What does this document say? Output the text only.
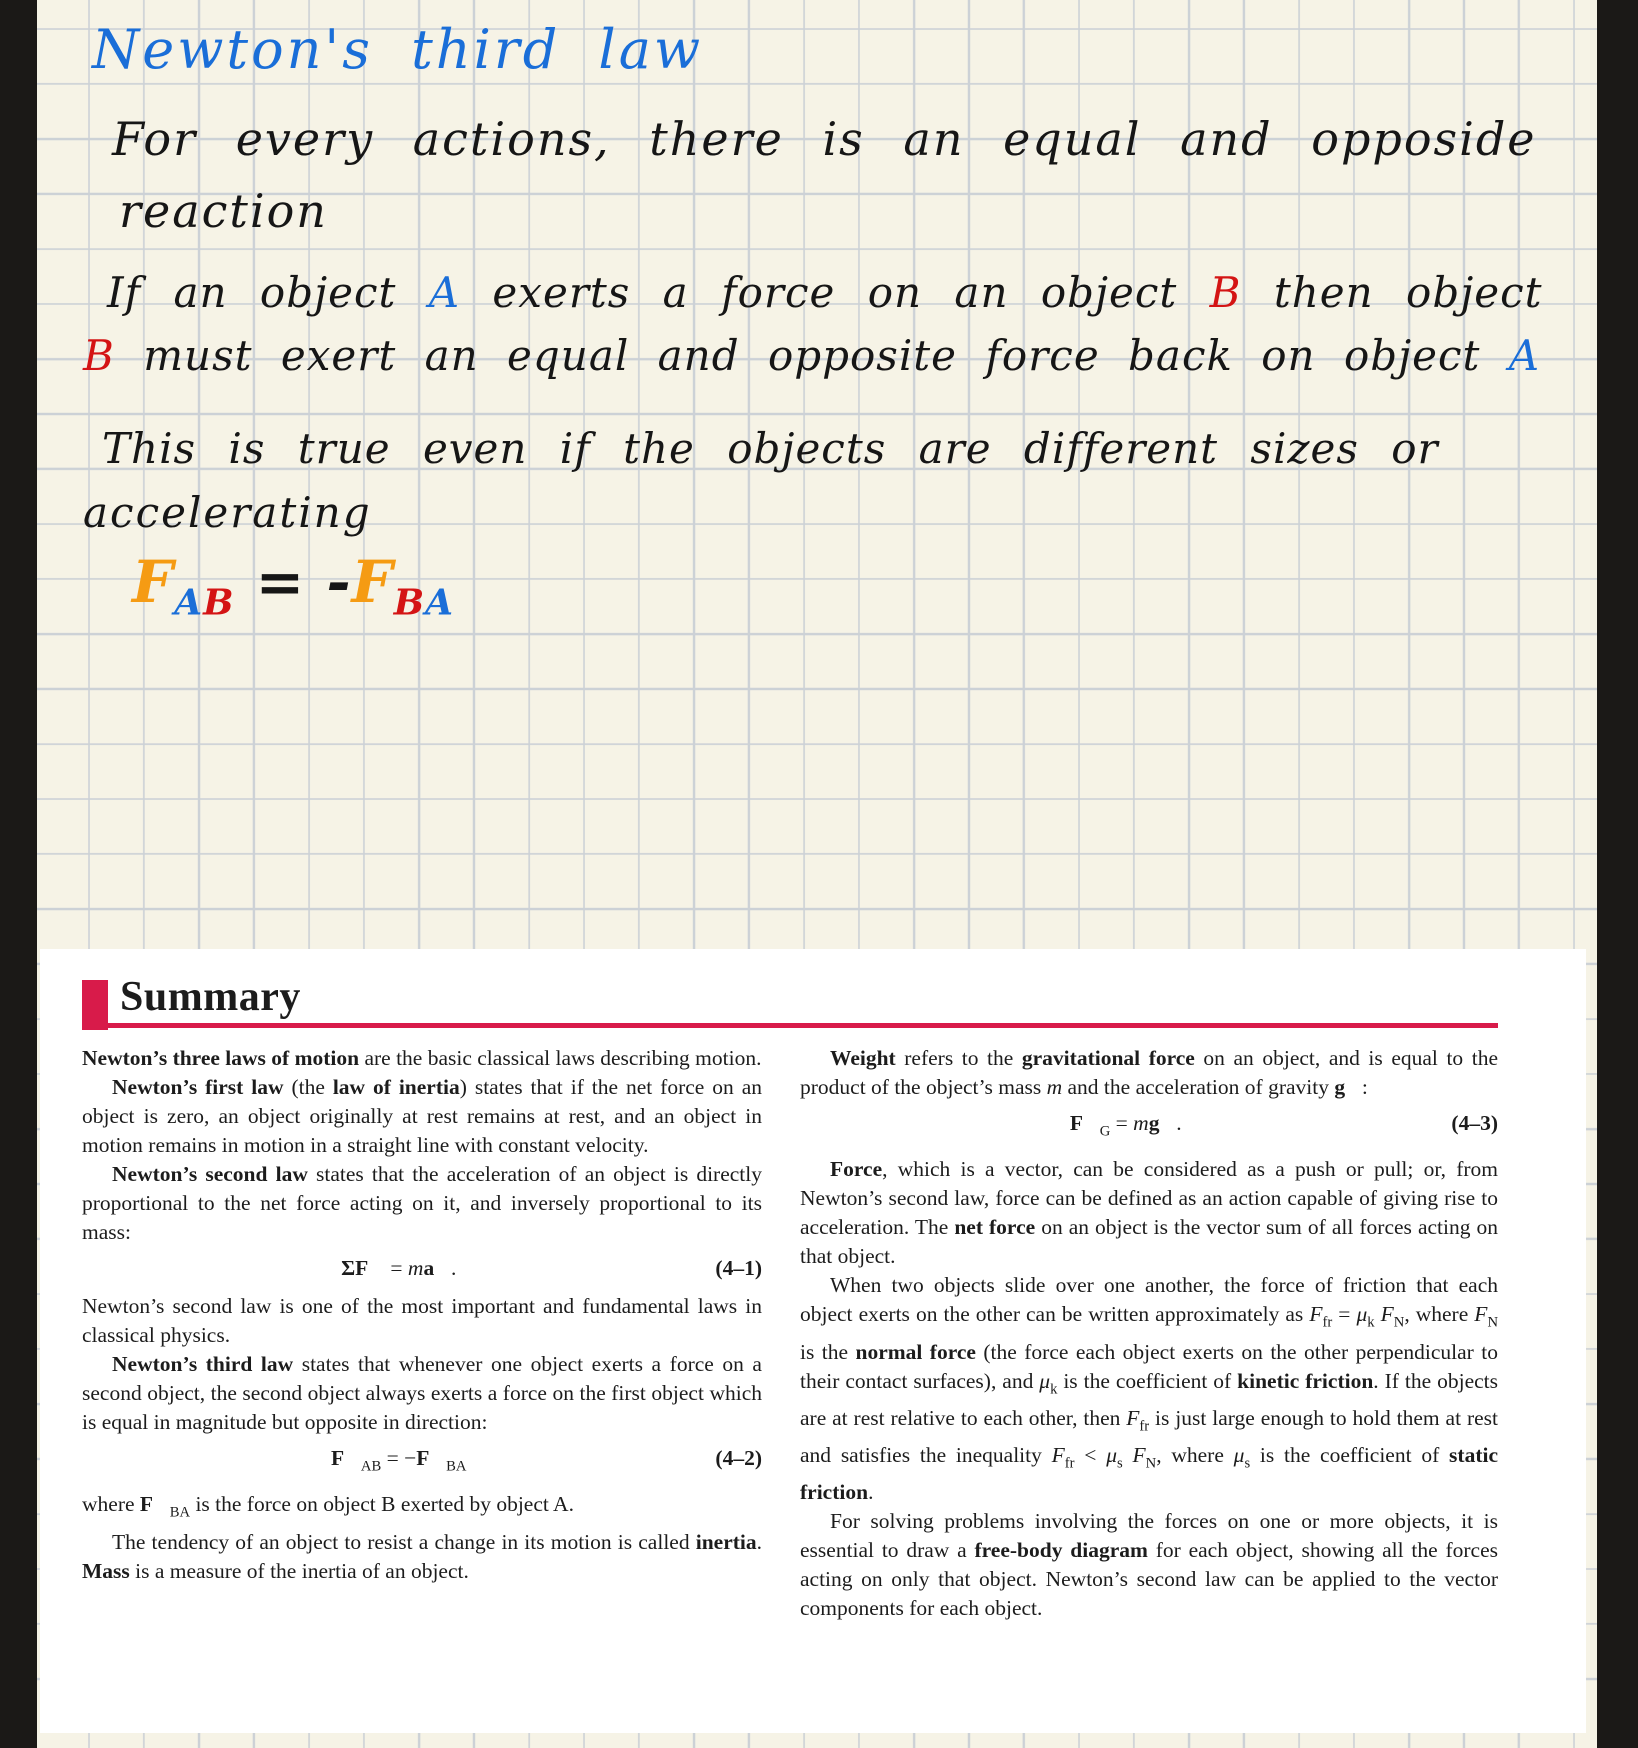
Newton's third law
For every actions, there is an equal and opposide
reaction
If an object A exerts a force on an object B then object
B must exert an equal and opposite force back on object A
This is true even if the objects are different sizes or
accelerating
$F_{AB} = -F_{BA}$
Summary

Newton’s three laws of motion are the basic classical laws describing motion.

Newton’s first law (the law of inertia) states that if the net force on an object is zero, an object originally at rest remains at rest, and an object in motion remains in motion in a straight line with constant velocity.

Newton’s second law states that the acceleration of an object is directly proportional to the net force acting on it, and inversely proportional to its mass:

ΣF⃗ = ma⃗.	(4–1)

Newton’s second law is one of the most important and fundamental laws in classical physics.

Newton’s third law states that whenever one object exerts a force on a second object, the second object always exerts a force on the first object which is equal in magnitude but opposite in direction:

$F⃗_{AB}$ = $-F⃗_{BA}$	(4–2)

where $F⃗_{BA}$ is the force on object B exerted by object A.

The tendency of an object to resist a change in its motion is called inertia. Mass is a measure of the inertia of an object.

Weight refers to the gravitational force on an object, and is equal to the product of the object’s mass m and the acceleration of gravity g⃗:

$F⃗_G$ = mg⃗.	(4–3)

Force, which is a vector, can be considered as a push or pull; or, from Newton’s second law, force can be defined as an action capable of giving rise to acceleration. The net force on an object is the vector sum of all forces acting on that object.

When two objects slide over one another, the force of friction that each object exerts on the other can be written approximately as $F_{fr} = \mu_k$ $F_N$, where $F_N$ is the normal force (the force each object exerts on the other perpendicular to their contact surfaces), and $\mu_k$ is the coefficient of kinetic friction. If the objects are at rest relative to each other, then $F_{fr}$ is just large enough to hold them at rest and satisfies the inequality $F_{fr} < \mu_s$ $F_N$, where $\mu_s$ is the coefficient of static friction.

For solving problems involving the forces on one or more objects, it is essential to draw a free-body diagram for each object, showing all the forces acting on only that object. Newton’s second law can be applied to the vector components for each object.
